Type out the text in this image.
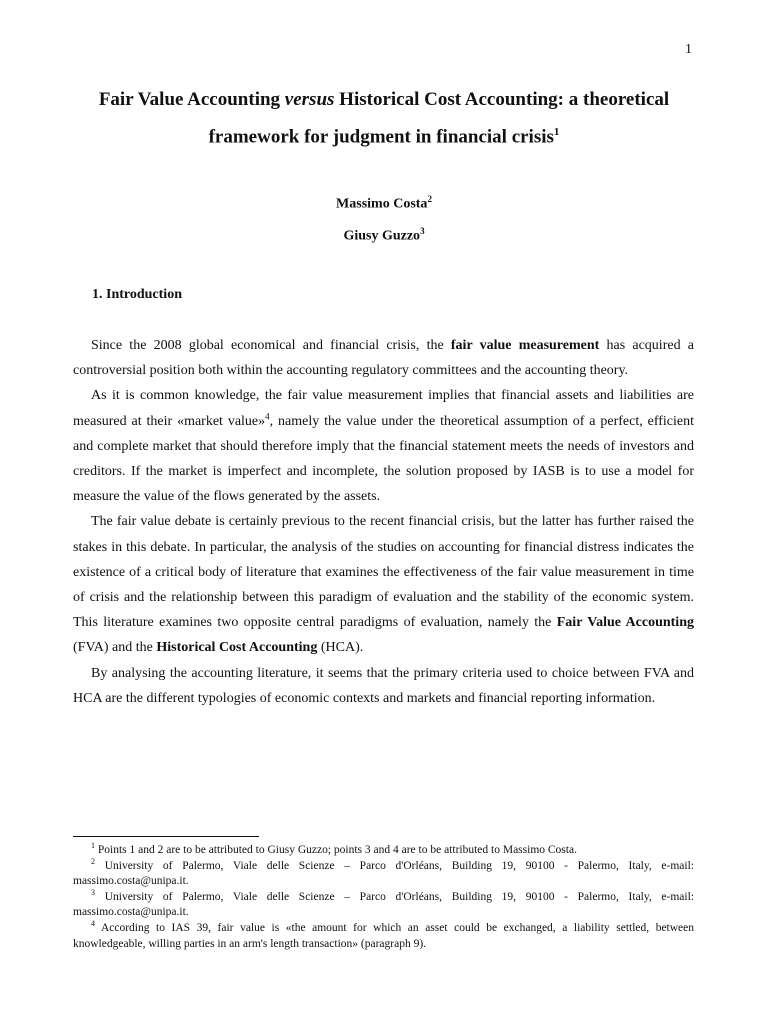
1
Fair Value Accounting versus Historical Cost Accounting: a theoretical framework for judgment in financial crisis$^1$
Massimo Costa$^2$
Giusy Guzzo$^3$
1. Introduction

Since the 2008 global economical and financial crisis, the fair value measurement has acquired a controversial position both within the accounting regulatory committees and the accounting theory.

As it is common knowledge, the fair value measurement implies that financial assets and liabilities are measured at their «market value»$^4$, namely the value under the theoretical assumption of a perfect, efficient and complete market that should therefore imply that the financial statement meets the needs of investors and creditors. If the market is imperfect and incomplete, the solution proposed by IASB is to use a model for measure the value of the flows generated by the assets.

The fair value debate is certainly previous to the recent financial crisis, but the latter has further raised the stakes in this debate. In particular, the analysis of the studies on accounting for financial distress indicates the existence of a critical body of literature that examines the effectiveness of the fair value measurement in time of crisis and the relationship between this paradigm of evaluation and the stability of the economic system. This literature examines two opposite central paradigms of evaluation, namely the Fair Value Accounting (FVA) and the Historical Cost Accounting (HCA).

By analysing the accounting literature, it seems that the primary criteria used to choice between FVA and HCA are the different typologies of economic contexts and markets and financial reporting information.

$^1$ Points 1 and 2 are to be attributed to Giusy Guzzo; points 3 and 4 are to be attributed to Massimo Costa.

$^2$ University of Palermo, Viale delle Scienze – Parco d'Orléans, Building 19, 90100 - Palermo, Italy, e-mail: massimo.costa@unipa.it.

$^3$ University of Palermo, Viale delle Scienze – Parco d'Orléans, Building 19, 90100 - Palermo, Italy, e-mail: massimo.costa@unipa.it.

$^4$ According to IAS 39, fair value is «the amount for which an asset could be exchanged, a liability settled, between knowledgeable, willing parties in an arm's length transaction» (paragraph 9).
